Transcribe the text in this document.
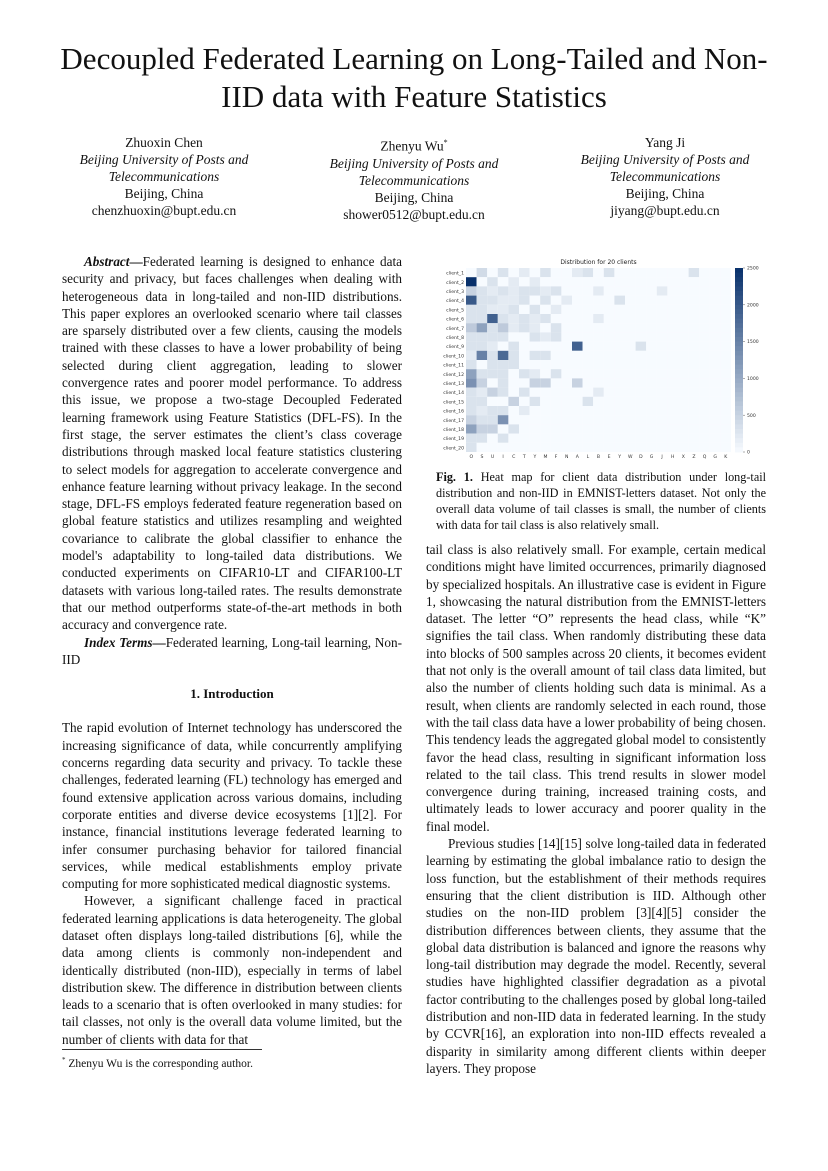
Decoupled Federated Learning on Long-Tailed and Non-IID data with Feature Statistics
Zhuoxin Chen
Beijing University of Posts and
Telecommunications
Beijing, China
chenzhuoxin@bupt.edu.cn
Zhenyu Wu*
Beijing University of Posts and
Telecommunications
Beijing, China
shower0512@bupt.edu.cn
Yang Ji
Beijing University of Posts and
Telecommunications
Beijing, China
jiyang@bupt.edu.cn

Abstract—Federated learning is designed to enhance data security and privacy, but faces challenges when dealing with heterogeneous data in long-tailed and non-IID distributions. This paper explores an overlooked scenario where tail classes are sparsely distributed over a few clients, causing the models trained with these classes to have a lower probability of being selected during client aggregation, leading to slower convergence rates and poorer model performance. To address this issue, we propose a two-stage Decoupled Federated learning framework using Feature Statistics (DFL-FS). In the first stage, the server estimates the client’s class coverage distributions through masked local feature statistics clustering to select models for aggregation to accelerate convergence and enhance feature learning without privacy leakage. In the second stage, DFL-FS employs federated feature regeneration based on global feature statistics and utilizes resampling and weighted covariance to calibrate the global classifier to enhance the model's adaptability to long-tailed data distributions. We conducted experiments on CIFAR10-LT and CIFAR100-LT datasets with various long-tailed rates. The results demonstrate that our method outperforms state-of-the-art methods in both accuracy and convergence rate.

Index Terms—Federated learning, Long-tail learning, Non-IID

1. Introduction

The rapid evolution of Internet technology has underscored the increasing significance of data, while concurrently amplifying concerns regarding data security and privacy. To tackle these challenges, federated learning (FL) technology has emerged and found extensive application across various domains, including corporate entities and diverse device ecosystems [1][2]. For instance, financial institutions leverage federated learning to infer consumer purchasing behavior for tailored financial services, while medical establishments employ private computing for more sophisticated medical diagnostic systems.

However, a significant challenge faced in practical federated learning applications is data heterogeneity. The global dataset often displays long-tailed distributions [6], while the data among clients is commonly non-independent and identically distributed (non-IID), especially in terms of label distribution skew. The difference in distribution between clients leads to a scenario that is often overlooked in many studies: for tail classes, not only is the overall data volume limited, but the number of clients with data for that

Distribution for 20 clients
client_1
client_2
client_3
client_4
client_5
client_6
client_7
client_8
client_9
client_10
client_11
client_12
client_13
client_14
client_15
client_16
client_17
client_18
client_19
client_20
O S U I C T Y M F N A L B E Y W D G J H X Z Q G K
0
500
1000
1500
2000
2500
Fig. 1. Heat map for client data distribution under long-tail distribution and non-IID in EMNIST-letters dataset. Not only the overall data volume of tail classes is small, the number of clients with data for tail class is also relatively small.

tail class is also relatively small. For example, certain medical conditions might have limited occurrences, primarily diagnosed by specialized hospitals. An illustrative case is evident in Figure 1, showcasing the natural distribution from the EMNIST-letters dataset. The letter “O” represents the head class, while “K” signifies the tail class. When randomly distributing these data into blocks of 500 samples across 20 clients, it becomes evident that not only is the overall amount of tail class data limited, but also the number of clients holding such data is minimal. As a result, when clients are randomly selected in each round, those with the tail class data have a lower probability of being chosen. This tendency leads the aggregated global model to consistently favor the head class, resulting in significant information loss related to the tail class. This trend results in slower model convergence during training, increased training costs, and ultimately leads to lower accuracy and poorer quality in the final model.

Previous studies [14][15] solve long-tailed data in federated learning by estimating the global imbalance ratio to design the loss function, but the establishment of their methods requires ensuring that the client distribution is IID. Although other studies on the non-IID problem [3][4][5] consider the distribution differences between clients, they assume that the global data distribution is balanced and ignore the reasons why long-tail distribution may degrade the model. Recently, several studies have highlighted classifier degradation as a pivotal factor contributing to the challenges posed by global long-tailed distribution and non-IID data in federated learning. In the study by CCVR[16], an exploration into non-IID effects revealed a disparity in similarity among different clients within deeper layers. They propose

* Zhenyu Wu is the corresponding author.
